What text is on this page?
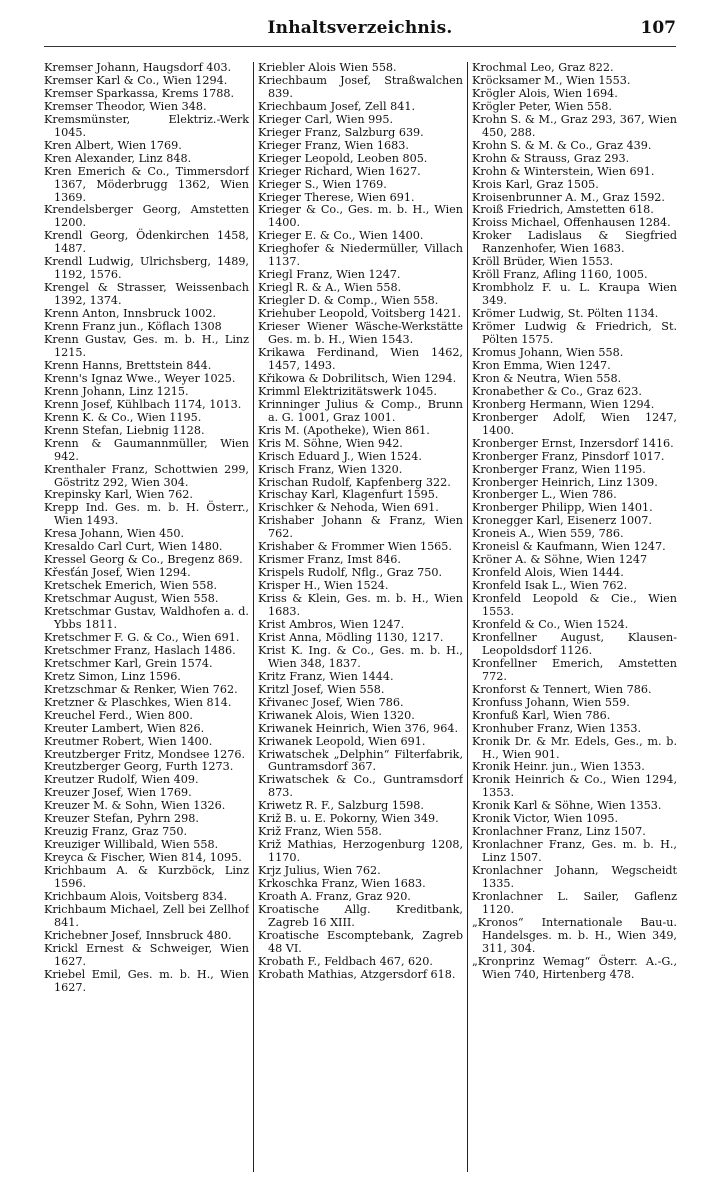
Inhaltsverzeichnis.	107
Kremser Johann, Haugsdorf 403.
Kremser Karl & Co., Wien 1294.
Kremser Sparkassa, Krems 1788.
Kremser Theodor, Wien 348.
Kremsmünster, Elektriz.-Werk 1045.
Kren Albert, Wien 1769.
Kren Alexander, Linz 848.
Kren Emerich & Co., Timmersdorf 1367, Möderbrugg 1362, Wien 1369.
Krendelsberger Georg, Amstetten 1200.
Krendl Georg, Ödenkirchen 1458, 1487.
Krendl Ludwig, Ulrichsberg, 1489, 1192, 1576.
Krengel & Strasser, Weissenbach 1392, 1374.
Krenn Anton, Innsbruck 1002.
Krenn Franz jun., Köflach 1308
Krenn Gustav, Ges. m. b. H., Linz 1215.
Krenn Hanns, Brettstein 844.
Krenn's Ignaz Wwe., Weyer 1025.
Krenn Johann, Linz 1215.
Krenn Josef, Kühlbach 1174, 1013.
Krenn K. & Co., Wien 1195.
Krenn Stefan, Liebnig 1128.
Krenn & Gaumannmüller, Wien 942.
Krenthaler Franz, Schottwien 299, Göstritz 292, Wien 304.
Krepinsky Karl, Wien 762.
Krepp Ind. Ges. m. b. H. Österr., Wien 1493.
Kresa Johann, Wien 450.
Kresaldo Carl Curt, Wien 1480.
Kressel Georg & Co., Bregenz 869.
Křesťán Josef, Wien 1294.
Kretschek Emerich, Wien 558.
Kretschmar August, Wien 558.
Kretschmar Gustav, Waldhofen a. d. Ybbs 1811.
Kretschmer F. G. & Co., Wien 691.
Kretschmer Franz, Haslach 1486.
Kretschmer Karl, Grein 1574.
Kretz Simon, Linz 1596.
Kretzschmar & Renker, Wien 762.
Kretzner & Plaschkes, Wien 814.
Kreuchel Ferd., Wien 800.
Kreuter Lambert, Wien 826.
Kreutmer Robert, Wien 1400.
Kreutzberger Fritz, Mondsee 1276.
Kreutzberger Georg, Furth 1273.
Kreutzer Rudolf, Wien 409.
Kreuzer Josef, Wien 1769.
Kreuzer M. & Sohn, Wien 1326.
Kreuzer Stefan, Pyhrn 298.
Kreuzig Franz, Graz 750.
Kreuziger Willibald, Wien 558.
Kreyca & Fischer, Wien 814, 1095.
Krichbaum A. & Kurzböck, Linz 1596.
Krichbaum Alois, Voitsberg 834.
Krichbaum Michael, Zell bei Zellhof 841.
Krichebner Josef, Innsbruck 480.
Krickl Ernest & Schweiger, Wien 1627.
Kriebel Emil, Ges. m. b. H., Wien 1627.
Kriebler Alois Wien 558.
Kriechbaum Josef, Straßwalchen 839.
Kriechbaum Josef, Zell 841.
Krieger Carl, Wien 995.
Krieger Franz, Salzburg 639.
Krieger Franz, Wien 1683.
Krieger Leopold, Leoben 805.
Krieger Richard, Wien 1627.
Krieger S., Wien 1769.
Krieger Therese, Wien 691.
Krieger & Co., Ges. m. b. H., Wien 1400.
Krieger E. & Co., Wien 1400.
Krieghofer & Niedermüller, Villach 1137.
Kriegl Franz, Wien 1247.
Kriegl R. & A., Wien 558.
Kriegler D. & Comp., Wien 558.
Kriehuber Leopold, Voitsberg 1421.
Krieser Wiener Wäsche-Werkstätte Ges. m. b. H., Wien 1543.
Krikawa Ferdinand, Wien 1462, 1457, 1493.
Křikowa & Dobrilitsch, Wien 1294.
Krimml Elektrizitätswerk 1045.
Krinninger Julius & Comp., Brunn a. G. 1001, Graz 1001.
Kris M. (Apotheke), Wien 861.
Kris M. Söhne, Wien 942.
Krisch Eduard J., Wien 1524.
Krisch Franz, Wien 1320.
Krischan Rudolf, Kapfenberg 322.
Krischay Karl, Klagenfurt 1595.
Krischker & Nehoda, Wien 691.
Krishaber Johann & Franz, Wien 762.
Krishaber & Frommer Wien 1565.
Krismer Franz, Imst 846.
Krispels Rudolf, Nflg., Graz 750.
Krisper H., Wien 1524.
Kriss & Klein, Ges. m. b. H., Wien 1683.
Krist Ambros, Wien 1247.
Krist Anna, Mödling 1130, 1217.
Krist K. Ing. & Co., Ges. m. b. H., Wien 348, 1837.
Kritz Franz, Wien 1444.
Kritzl Josef, Wien 558.
Křivanec Josef, Wien 786.
Kriwanek Alois, Wien 1320.
Kriwanek Heinrich, Wien 376, 964.
Kriwanek Leopold, Wien 691.
Kriwatschek „Delphin“ Filterfabrik, Guntramsdorf 367.
Kriwatschek & Co., Guntramsdorf 873.
Kriwetz R. F., Salzburg 1598.
Križ B. u. E. Pokorny, Wien 349.
Križ Franz, Wien 558.
Križ Mathias, Herzogenburg 1208, 1170.
Krjz Julius, Wien 762.
Krkoschka Franz, Wien 1683.
Kroath A. Franz, Graz 920.
Kroatische Allg. Kreditbank, Zagreb 16 XIII.
Kroatische Escomptebank, Zagreb 48 VI.
Krobath F., Feldbach 467, 620.
Krobath Mathias, Atzgersdorf 618.
Krochmal Leo, Graz 822.
Kröcksamer M., Wien 1553.
Krögler Alois, Wien 1694.
Krögler Peter, Wien 558.
Krohn S. & M., Graz 293, 367, Wien 450, 288.
Krohn S. & M. & Co., Graz 439.
Krohn & Strauss, Graz 293.
Krohn & Winterstein, Wien 691.
Krois Karl, Graz 1505.
Kroisenbrunner A. M., Graz 1592.
Kroiß Friedrich, Amstetten 618.
Kroiss Michael, Offenhausen 1284.
Kroker Ladislaus & Siegfried Ranzenhofer, Wien 1683.
Kröll Brüder, Wien 1553.
Kröll Franz, Afling 1160, 1005.
Krombholz F. u. L. Kraupa Wien 349.
Krömer Ludwig, St. Pölten 1134.
Krömer Ludwig & Friedrich, St. Pölten 1575.
Kromus Johann, Wien 558.
Kron Emma, Wien 1247.
Kron & Neutra, Wien 558.
Kronabether & Co., Graz 623.
Kronberg Hermann, Wien 1294.
Kronberger Adolf, Wien 1247, 1400.
Kronberger Ernst, Inzersdorf 1416.
Kronberger Franz, Pinsdorf 1017.
Kronberger Franz, Wien 1195.
Kronberger Heinrich, Linz 1309.
Kronberger L., Wien 786.
Kronberger Philipp, Wien 1401.
Kronegger Karl, Eisenerz 1007.
Kroneis A., Wien 559, 786.
Kroneisl & Kaufmann, Wien 1247.
Kröner A. & Söhne, Wien 1247
Kronfeld Alois, Wien 1444.
Kronfeld Isak L., Wien 762.
Kronfeld Leopold & Cie., Wien 1553.
Kronfeld & Co., Wien 1524.
Kronfellner August, Klausen-Leopoldsdorf 1126.
Kronfellner Emerich, Amstetten 772.
Kronforst & Tennert, Wien 786.
Kronfuss Johann, Wien 559.
Kronfuß Karl, Wien 786.
Kronhuber Franz, Wien 1353.
Kronik Dr. & Mr. Edels, Ges., m. b. H., Wien 901.
Kronik Heinr. jun., Wien 1353.
Kronik Heinrich & Co., Wien 1294, 1353.
Kronik Karl & Söhne, Wien 1353.
Kronik Victor, Wien 1095.
Kronlachner Franz, Linz 1507.
Kronlachner Franz, Ges. m. b. H., Linz 1507.
Kronlachner Johann, Wegscheidt 1335.
Kronlachner L. Sailer, Gaflenz 1120.
„Kronos“ Internationale Bau-u. Handelsges. m. b. H., Wien 349, 311, 304.
„Kronprinz Wemag“ Österr. A.-G., Wien 740, Hirtenberg 478.
